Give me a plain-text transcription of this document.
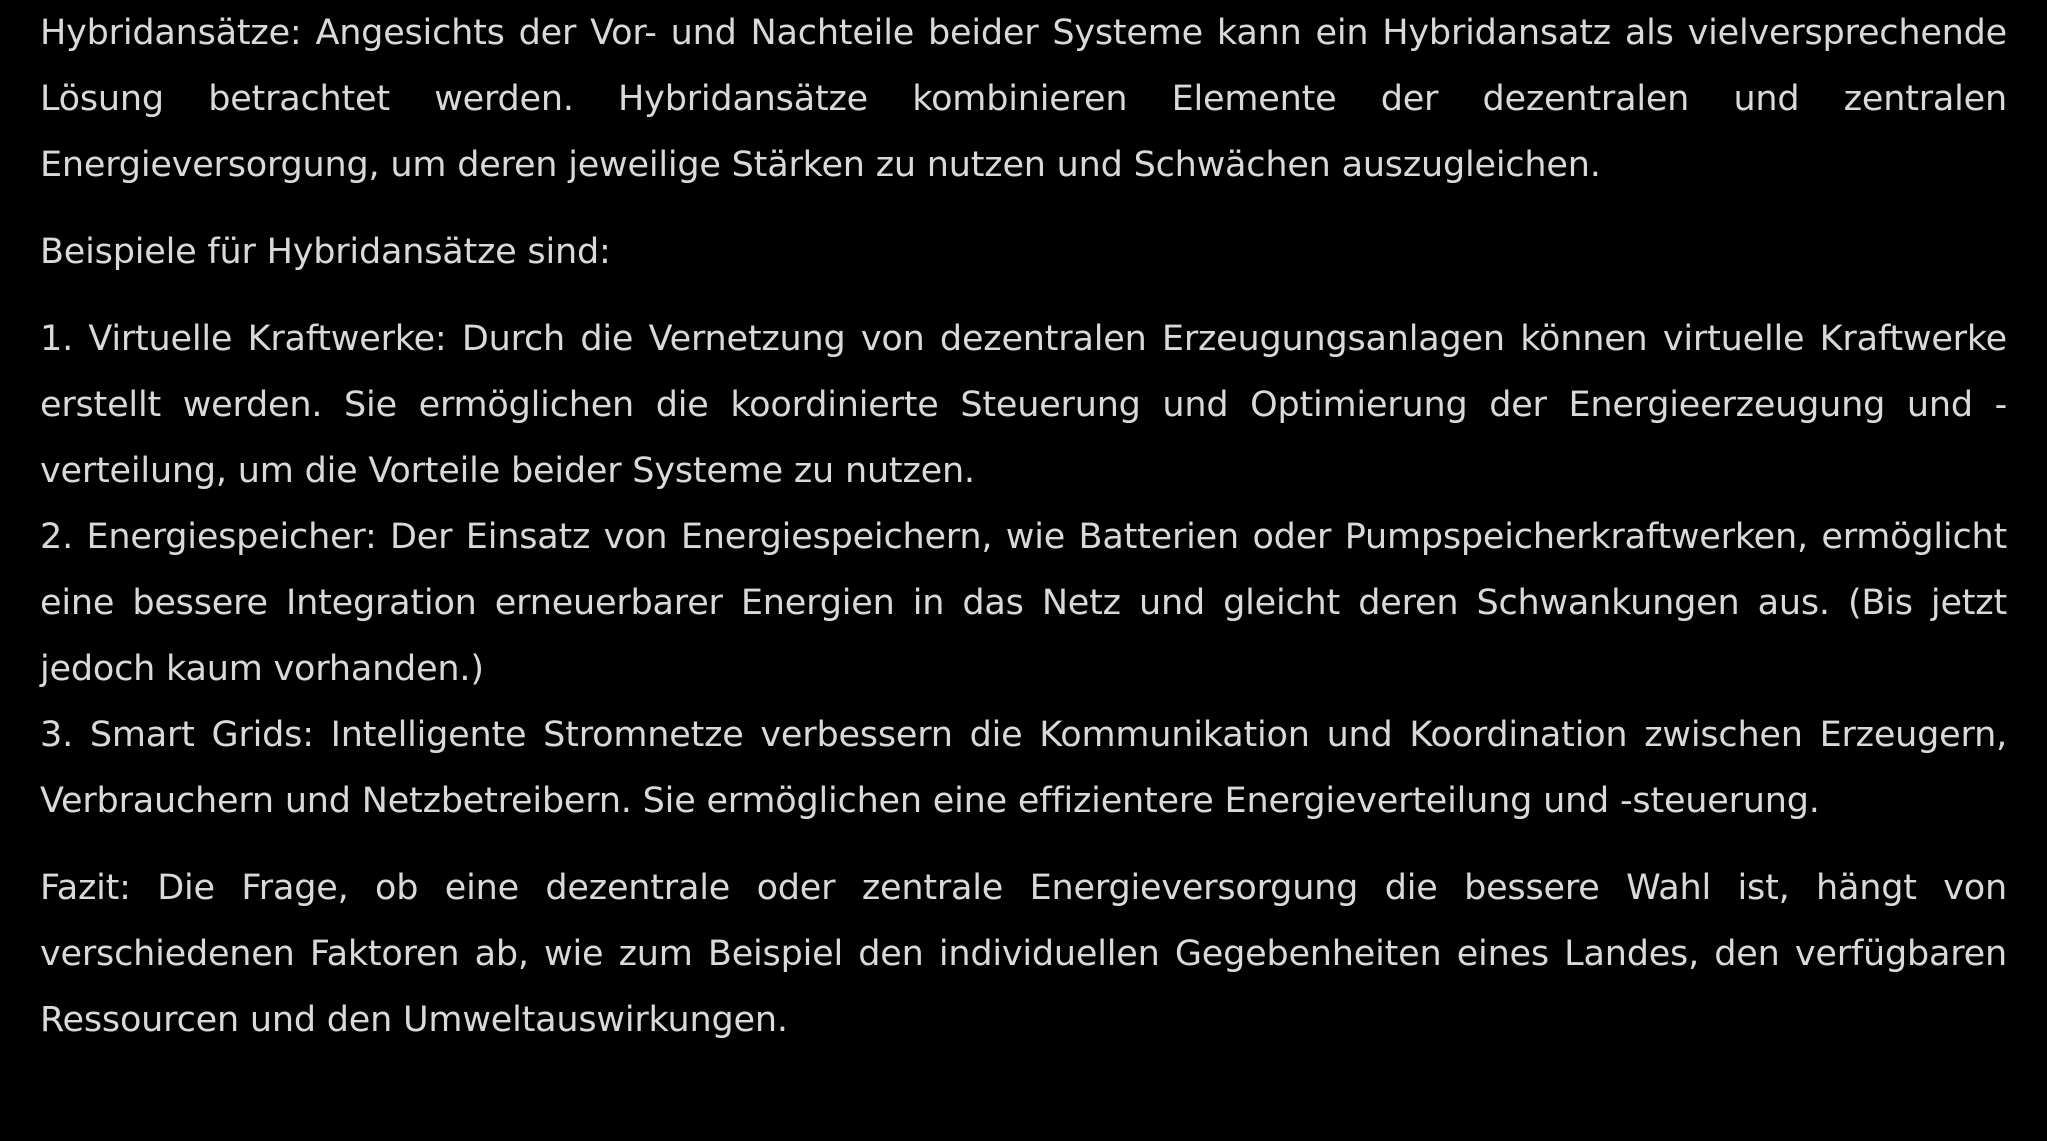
Hybridansätze: Angesichts der Vor- und Nachteile beider Systeme kann ein Hybridansatz als vielversprechende Lösung betrachtet werden. Hybridansätze kombinieren Elemente der dezentralen und zentralen Energieversorgung, um deren jeweilige Stärken zu nutzen und Schwächen auszugleichen.

Beispiele für Hybridansätze sind:

1. Virtuelle Kraftwerke: Durch die Vernetzung von dezentralen Erzeugungsanlagen können virtuelle Kraftwerke erstellt werden. Sie ermöglichen die koordinierte Steuerung und Optimierung der Energieerzeugung und -verteilung, um die Vorteile beider Systeme zu nutzen.
2. Energiespeicher: Der Einsatz von Energiespeichern, wie Batterien oder Pumpspeicherkraftwerken, ermöglicht eine bessere Integration erneuerbarer Energien in das Netz und gleicht deren Schwankungen aus. (Bis jetzt jedoch kaum vorhanden.)
3. Smart Grids: Intelligente Stromnetze verbessern die Kommunikation und Koordination zwischen Erzeugern, Verbrauchern und Netzbetreibern. Sie ermöglichen eine effizientere Energieverteilung und -steuerung.

Fazit: Die Frage, ob eine dezentrale oder zentrale Energieversorgung die bessere Wahl ist, hängt von verschiedenen Faktoren ab, wie zum Beispiel den individuellen Gegebenheiten eines Landes, den verfügbaren Ressourcen und den Umweltauswirkungen.
